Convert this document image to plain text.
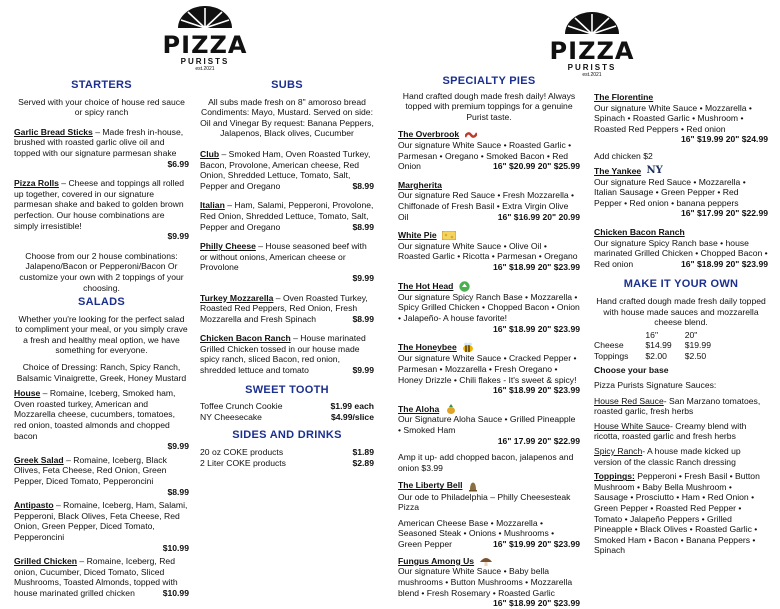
PIZZA
PURISTS
est.2021
PIZZA
PURISTS
est.2021
STARTERS
Served with your choice of house red sauce or spicy ranch
Garlic Bread Sticks – Made fresh in-house, brushed with roasted garlic olive oil and topped with our signature parmesan shake
$6.99
Pizza Rolls – Cheese and toppings all rolled up together, covered in our signature parmesan shake and baked to golden brown perfection. Our house combinations are simply irresistible!
$9.99
Choose from our 2 house combinations: Jalapeno/Bacon or Pepperoni/Bacon Or customize your own with 2 toppings of your choosing.
SALADS
Whether you're looking for the perfect salad to compliment your meal, or you simply crave a fresh and healthy meal option, we have something for everyone.
Choice of Dressing: Ranch, Spicy Ranch, Balsamic Vinaigrette, Greek, Honey Mustard
House – Romaine, Iceberg, Smoked ham, Oven roasted turkey, American and Mozzarella cheese, cucumbers, tomatoes, red onion, toasted almonds and chopped bacon
$9.99
Greek Salad – Romaine, Iceberg, Black Olives, Feta Cheese, Red Onion, Green Pepper, Diced Tomato, Pepperoncini
$8.99
Antipasto – Romaine, Iceberg, Ham, Salami, Pepperoni, Black Olives, Feta Cheese, Red Onion, Green Pepper, Diced Tomato, Pepperoncini
$10.99
Grilled Chicken – Romaine, Iceberg, Red onion, Cucumber, Diced Tomato, Sliced Mushrooms, Toasted Almonds, topped with house marinated grilled chicken	$10.99
SUBS
All subs made fresh on 8" amoroso bread Condiments: Mayo, Mustard. Served on side: Oil and Vinegar By request: Banana Peppers, Jalapenos, Black olives, Cucumber
Club – Smoked Ham, Oven Roasted Turkey, Bacon, Provolone, American cheese, Red Onion, Shredded Lettuce, Tomato, Salt, Pepper and Oregano	$8.99
Italian – Ham, Salami, Pepperoni, Provolone, Red Onion, Shredded Lettuce, Tomato, Salt, Pepper and Oregano	$8.99
Philly Cheese – House seasoned beef with or without onions, American cheese or Provolone
$9.99
Turkey Mozzarella – Oven Roasted Turkey, Roasted Red Peppers, Red Onion, Fresh Mozzarella and Fresh Spinach	$8.99
Chicken Bacon Ranch – House marinated Grilled Chicken tossed in our house made spicy ranch, sliced Bacon, red onion, shredded lettuce and tomato	$9.99
SWEET TOOTH
Toffee Crunch Cookie	$1.99 each
NY Cheesecake	$4.99/slice
SIDES AND DRINKS
20 oz COKE products	$1.89
2 Liter COKE products	$2.89
SPECIALTY PIES
Hand crafted dough made fresh daily! Always topped with premium toppings for a genuine Purist taste.
The Overbrook
Our signature White Sauce • Roasted Garlic • Parmesan • Oregano • Smoked Bacon • Red Onion	16" $20.99 20" $25.99
Margherita
Our signature Red Sauce • Fresh Mozzarella • Chiffonade of Fresh Basil • Extra Virgin Olive Oil	16" $16.99 20" 20.99
White Pie
Our signature White Sauce • Olive Oil • Roasted Garlic • Ricotta • Parmesan • Oregano
16" $18.99 20" $23.99
The Hot Head
Our signature Spicy Ranch Base • Mozzarella • Spicy Grilled Chicken • Chopped Bacon • Onion • Jalapeño- A house favorite!
16" $18.99 20" $23.99
The Honeybee
Our signature White Sauce • Cracked Pepper • Parmesan • Mozzarella • Fresh Oregano • Honey Drizzle • Chili flakes - It's sweet & spicy!
16" $18.99 20" $23.99
The Aloha
Our Signature Aloha Sauce • Grilled Pineapple • Smoked Ham
16" 17.99 20" $22.99
Amp it up- add chopped bacon, jalapenos and onion $3.99
The Liberty Bell
Our ode to Philadelphia – Philly Cheesesteak Pizza
American Cheese Base • Mozzarella • Seasoned Steak • Onions • Mushrooms • Green Pepper	16" $19.99 20" $23.99
Fungus Among Us
Our signature White Sauce • Baby bella mushrooms • Button Mushrooms • Mozzarella blend • Fresh Rosemary • Roasted Garlic
16" $18.99 20" $23.99
The Florentine
Our signature White Sauce • Mozzarella • Spinach • Roasted Garlic • Mushroom • Roasted Red Peppers • Red onion
16" $19.99 20" $24.99
Add chicken $2
The Yankee NY
Our signature Red Sauce • Mozzarella • Italian Sausage • Green Pepper • Red Pepper • Red onion • banana peppers
16" $17.99 20" $22.99
Chicken Bacon Ranch
Our signature Spicy Ranch base • house marinated Grilled Chicken • Chopped Bacon • Red onion	16" $18.99 20" $23.99
MAKE IT YOUR OWN
Hand crafted dough made fresh daily topped with house made sauces and mozzarella cheese blend.
	16"	20"
Cheese	$14.99	$19.99
Toppings	$2.00	$2.50
Choose your base
Pizza Purists Signature Sauces:
House Red Sauce- San Marzano tomatoes, roasted garlic, fresh herbs
House White Sauce- Creamy blend with ricotta, roasted garlic and fresh herbs
Spicy Ranch- A house made kicked up version of the classic Ranch dressing
Toppings: Pepperoni • Fresh Basil • Button Mushroom • Baby Bella Mushroom • Sausage • Prosciutto • Ham • Red Onion • Green Pepper • Roasted Red Pepper • Tomato • Jalapeño Peppers • Grilled Pineapple • Black Olives • Roasted Garlic • Smoked Ham • Bacon • Banana Peppers • Spinach
